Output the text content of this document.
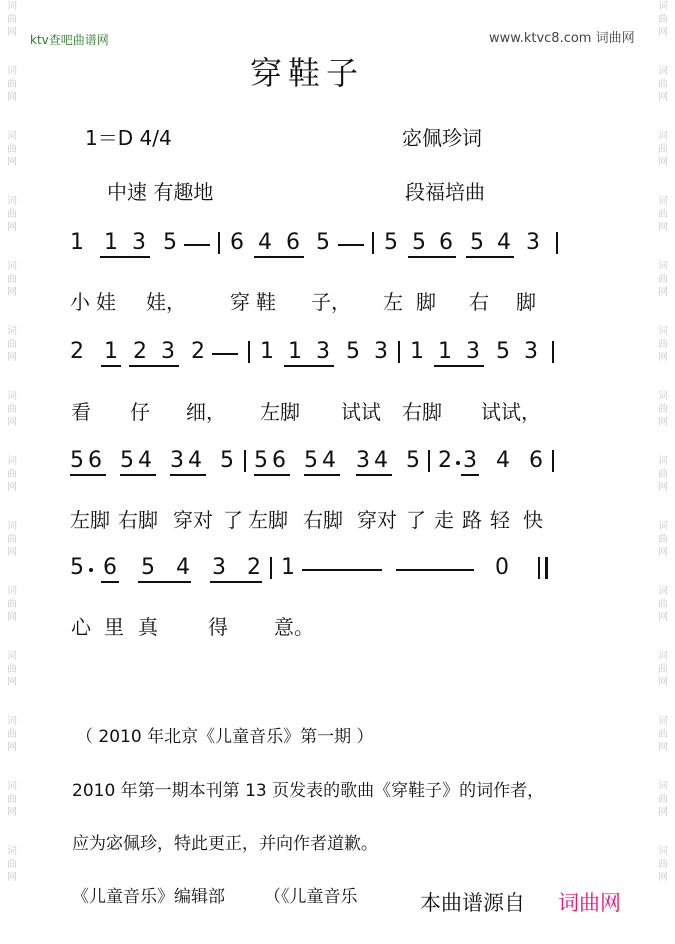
词
曲
网
词
曲
网
词
曲
网
词
曲
网
词
曲
网
词
曲
网
词
曲
网
词
曲
网
词
曲
网
词
曲
网
词
曲
网
词
曲
网
词
曲
网
词
曲
网
词
曲
网
词
曲
网
词
曲
网
词
曲
网
词
曲
网
词
曲
网
词
曲
网
词
曲
网
词
曲
网
词
曲
网
词
曲
网
词
曲
网
词
曲
网
词
曲
网
ktv查吧曲谱网	www.ktvc8.com 词曲网
穿鞋子
1＝D 4/4	宓佩珍词
中速 有趣地	段福培曲
1 1 3 5 6 4 6 5 5 5 6 5 4 3
小 娃 娃， 穿 鞋 子， 左 脚 右 脚
2 1 2 3 2	1 1 3 5 3 1 1 3 5 3
看 仔 细， 左脚 试试 右脚 试试，
5 6 5 4 3 4 5 5 6 5 4 3 4 5 2 3 4 6
左脚 右脚 穿对 了 左脚 右脚 穿对 了 走 路 轻 快
5 6 5 4 3 2 1	0
心 里 真	得 意。
（ 2010 年北京《儿童音乐》第一期 ）
2010 年第一期本刊第 13 页发表的歌曲《穿鞋子》的词作者，
应为宓佩珍，特此更正，并向作者道歉。
《儿童音乐》编辑部 （《儿童音乐	本曲谱源自 词曲网
